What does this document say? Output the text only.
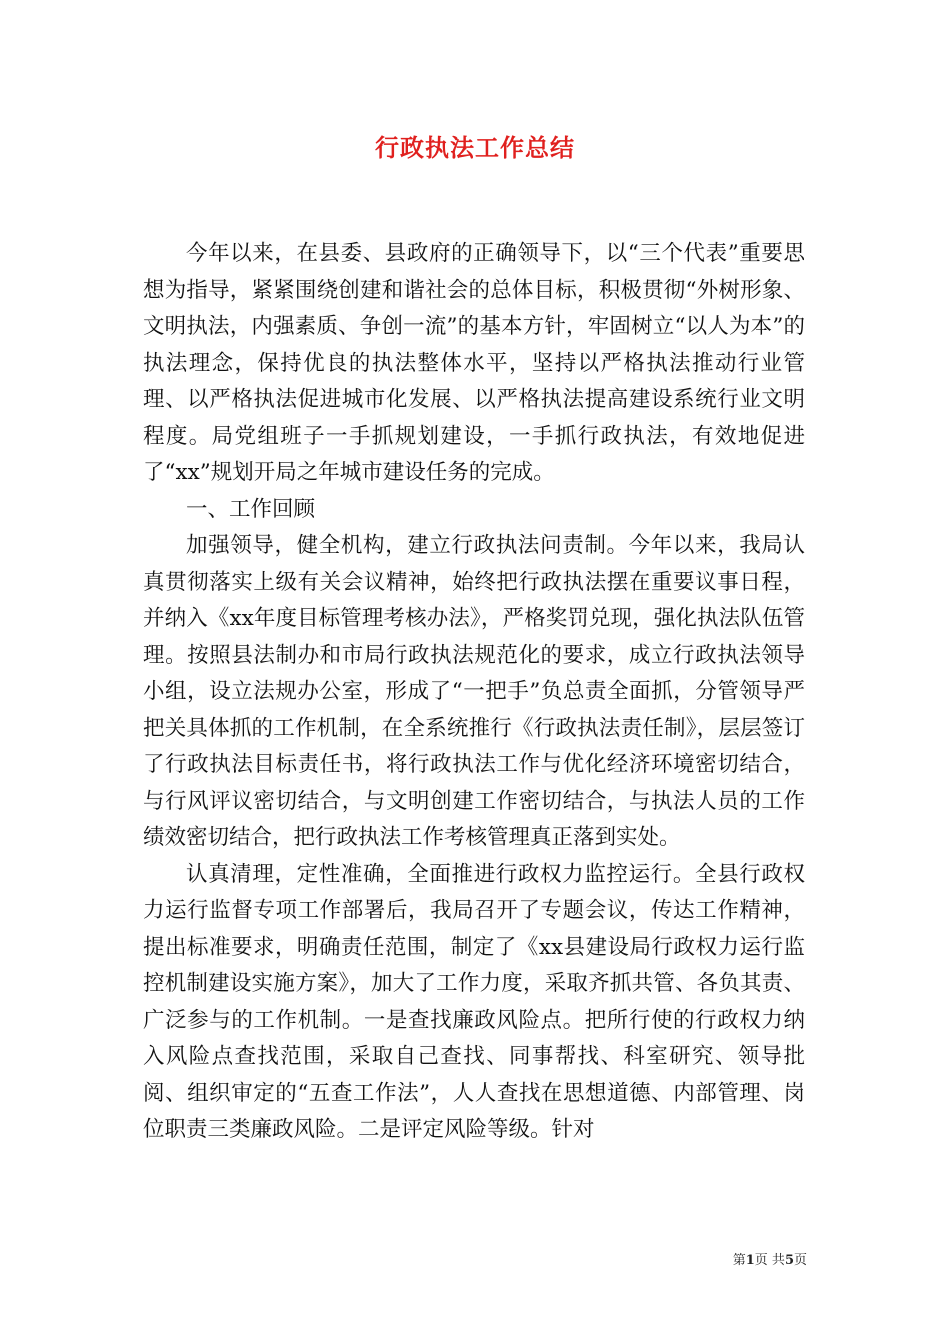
行政执法工作总结

今年以来，在县委、县政府的正确领导下，以“三个代表”重要思想为指导，紧紧围绕创建和谐社会的总体目标，积极贯彻“外树形象、文明执法，内强素质、争创一流”的基本方针，牢固树立“以人为本”的执法理念，保持优良的执法整体水平，坚持以严格执法推动行业管理、以严格执法促进城市化发展、以严格执法提高建设系统行业文明程度。局党组班子一手抓规划建设，一手抓行政执法，有效地促进了“xx”规划开局之年城市建设任务的完成。

一、工作回顾

加强领导，健全机构，建立行政执法问责制。今年以来，我局认真贯彻落实上级有关会议精神，始终把行政执法摆在重要议事日程，并纳入《xx年度目标管理考核办法》，严格奖罚兑现，强化执法队伍管理。按照县法制办和市局行政执法规范化的要求，成立行政执法领导小组，设立法规办公室，形成了“一把手”负总责全面抓，分管领导严把关具体抓的工作机制，在全系统推行《行政执法责任制》，层层签订了行政执法目标责任书，将行政执法工作与优化经济环境密切结合，与行风评议密切结合，与文明创建工作密切结合，与执法人员的工作绩效密切结合，把行政执法工作考核管理真正落到实处。

认真清理，定性准确，全面推进行政权力监控运行。全县行政权力运行监督专项工作部署后，我局召开了专题会议，传达工作精神，提出标准要求，明确责任范围，制定了《xx县建设局行政权力运行监控机制建设实施方案》，加大了工作力度，采取齐抓共管、各负其责、广泛参与的工作机制。一是查找廉政风险点。把所行使的行政权力纳入风险点查找范围，采取自己查找、同事帮找、科室研究、领导批阅、组织审定的“五查工作法”，人人查找在思想道德、内部管理、岗位职责三类廉政风险。二是评定风险等级。针对

第1页 共5页
